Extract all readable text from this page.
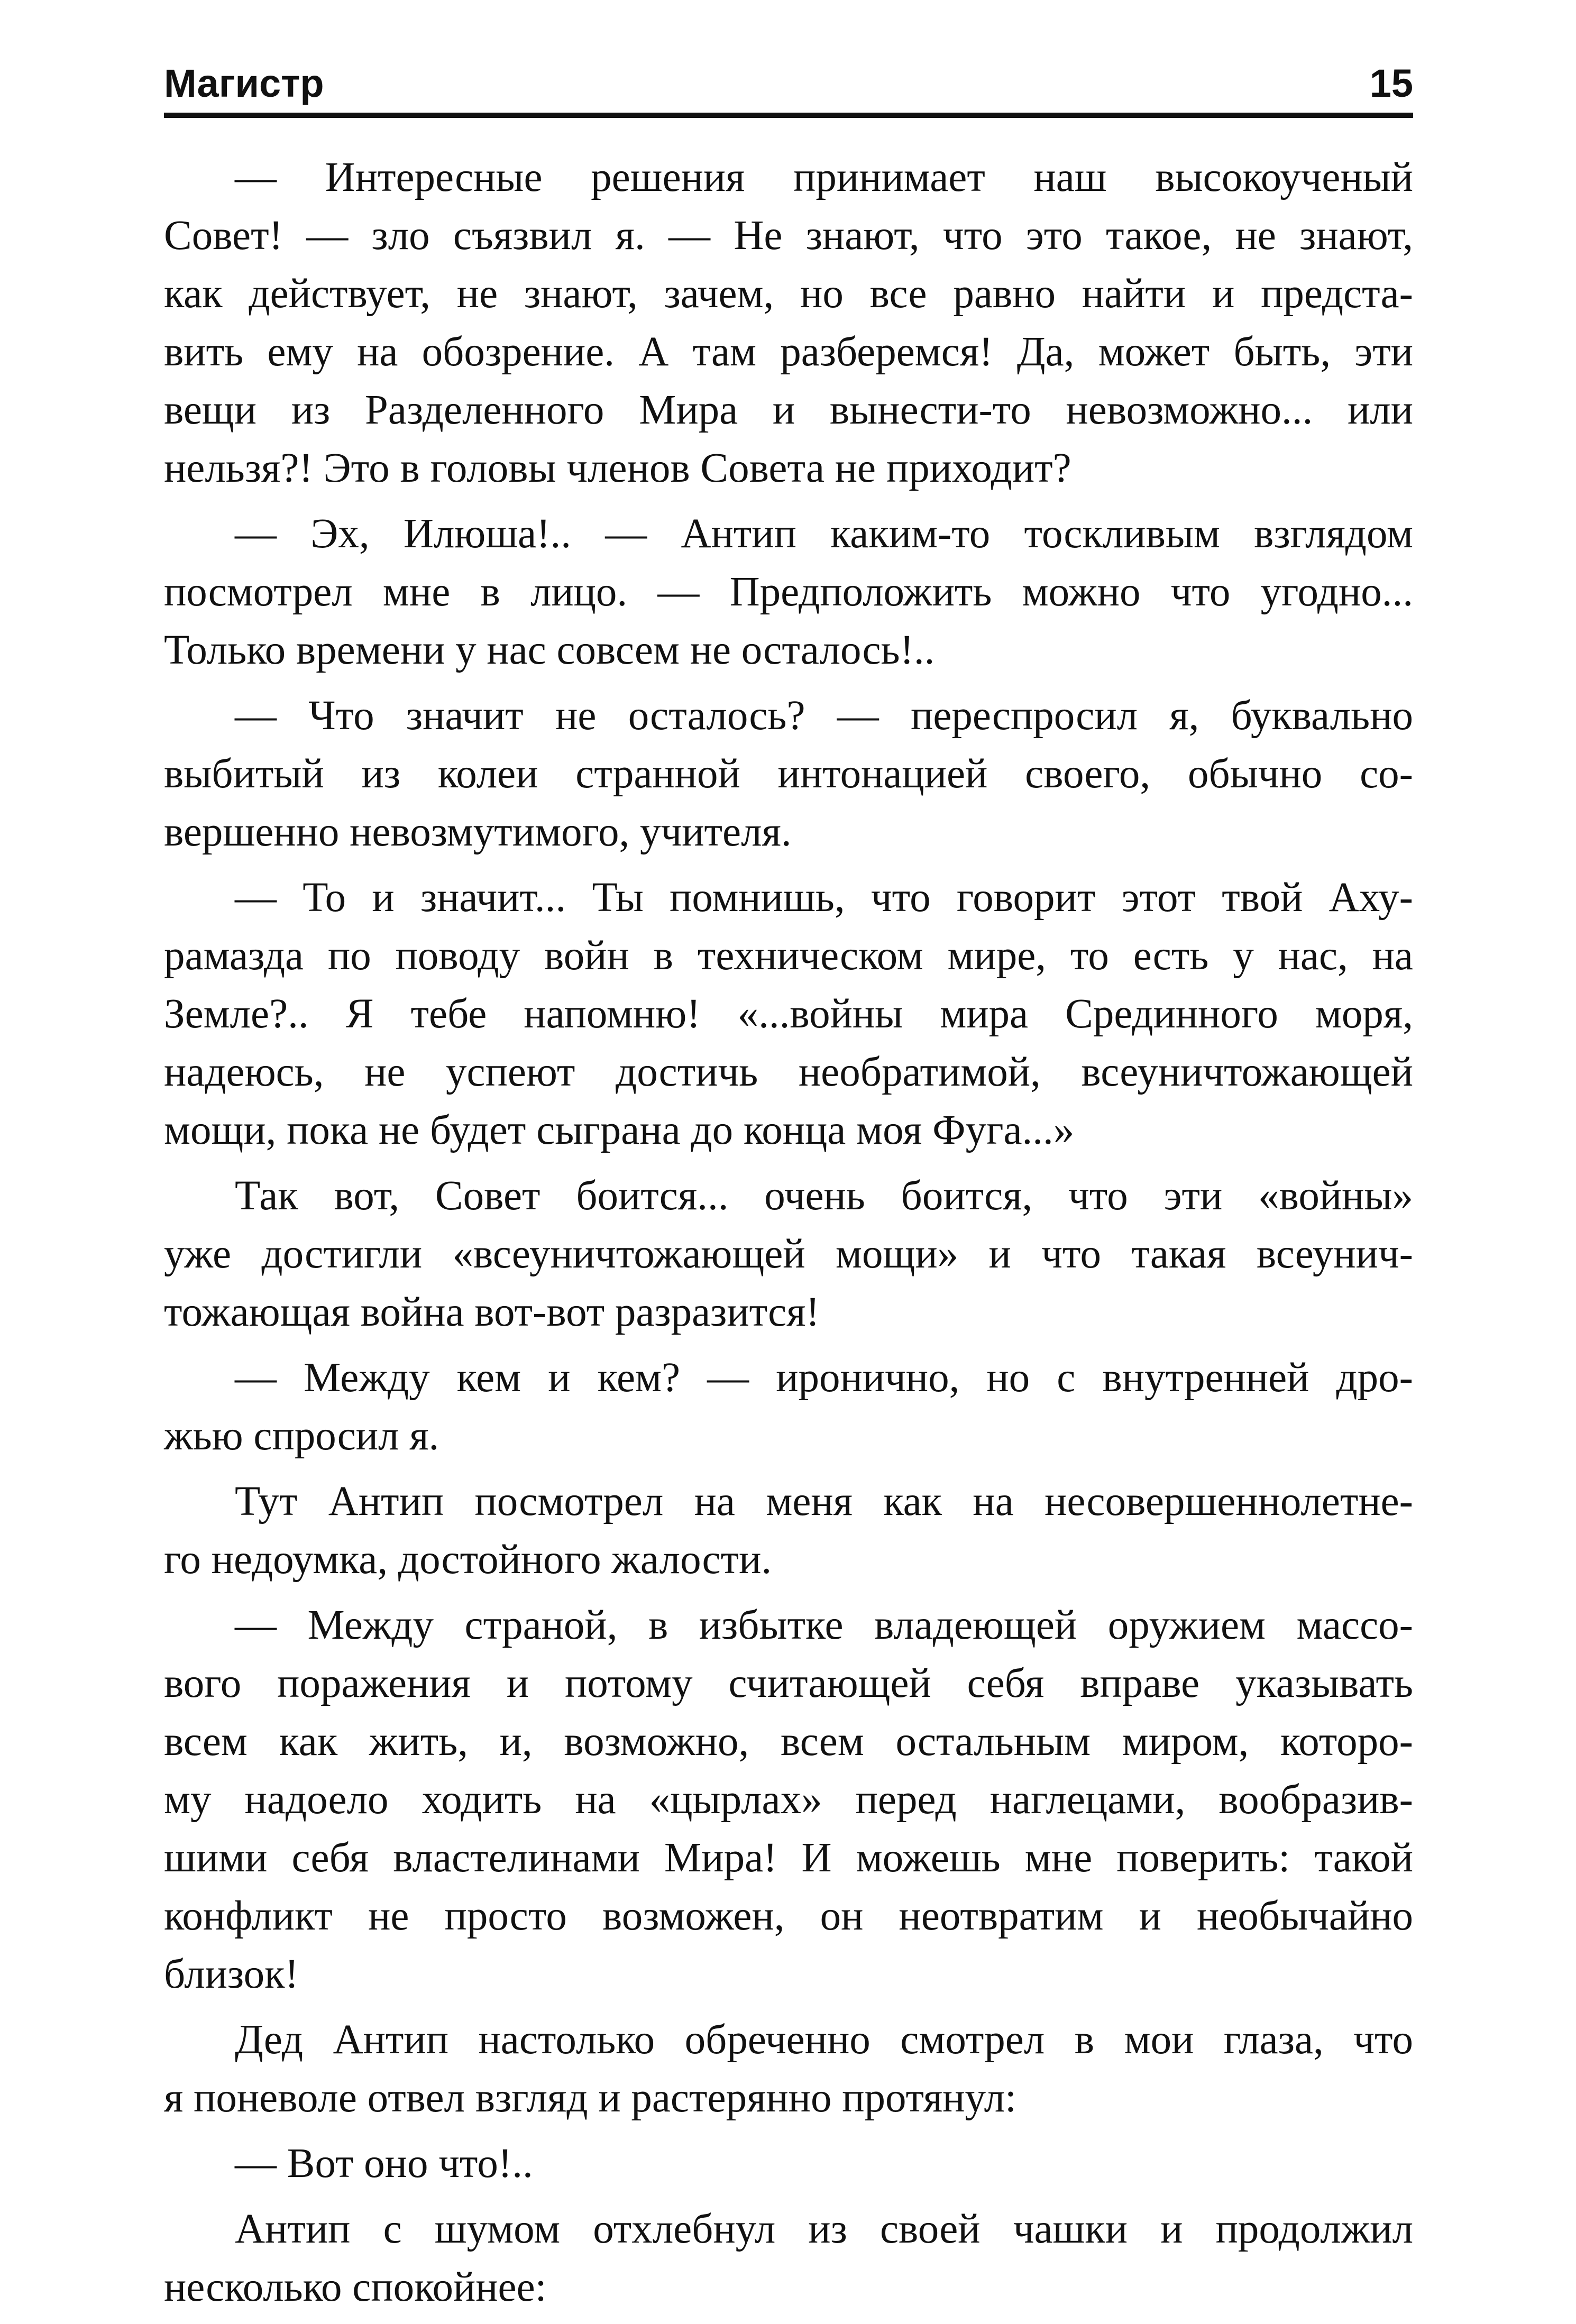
Магистр	15
— Интересные решения принимает наш высокоученый
Совет! — зло съязвил я. — Не знают, что это такое, не знают,
как действует, не знают, зачем, но все равно найти и предста-
вить ему на обозрение. А там разберемся! Да, может быть, эти
вещи из Разделенного Мира и вынести-то невозможно... или
нельзя?! Это в головы членов Совета не приходит?
— Эх, Илюша!.. — Антип каким-то тоскливым взглядом
посмотрел мне в лицо. — Предположить можно что угодно...
Только времени у нас совсем не осталось!..
— Что значит не осталось? — переспросил я, буквально
выбитый из колеи странной интонацией своего, обычно со-
вершенно невозмутимого, учителя.
— То и значит... Ты помнишь, что говорит этот твой Аху-
рамазда по поводу войн в техническом мире, то есть у нас, на
Земле?.. Я тебе напомню! «...войны мира Срединного моря,
надеюсь, не успеют достичь необратимой, всеуничтожающей
мощи, пока не будет сыграна до конца моя Фуга...»
Так вот, Совет боится... очень боится, что эти «войны»
уже достигли «всеуничтожающей мощи» и что такая всеунич-
тожающая война вот-вот разразится!
— Между кем и кем? — иронично, но с внутренней дро-
жью спросил я.
Тут Антип посмотрел на меня как на несовершеннолетне-
го недоумка, достойного жалости.
— Между страной, в избытке владеющей оружием массо-
вого поражения и потому считающей себя вправе указывать
всем как жить, и, возможно, всем остальным миром, которо-
му надоело ходить на «цырлах» перед наглецами, вообразив-
шими себя властелинами Мира! И можешь мне поверить: такой
конфликт не просто возможен, он неотвратим и необычайно
близок!
Дед Антип настолько обреченно смотрел в мои глаза, что
я поневоле отвел взгляд и растерянно протянул:
— Вот оно что!..
Антип с шумом отхлебнул из своей чашки и продолжил
несколько спокойнее:
